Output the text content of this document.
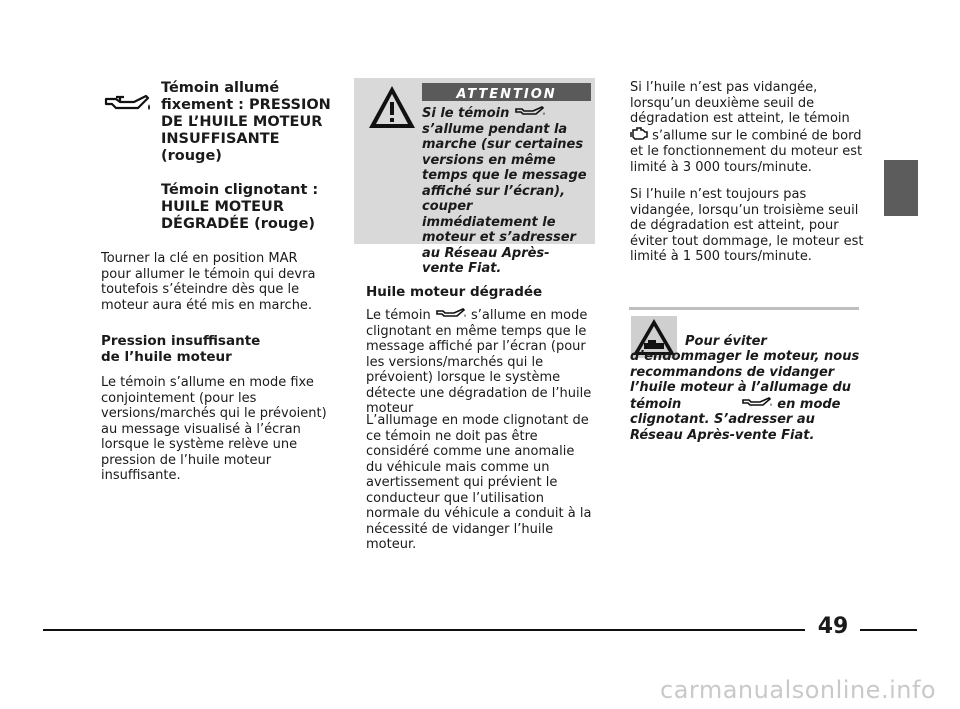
Témoin allumé fixement : PRESSION DE L’HUILE MOTEUR INSUFFISANTE (rouge)
Témoin clignotant : HUILE MOTEUR DÉGRADÉE (rouge)

Tourner la clé en position MAR pour allumer le témoin qui devra toutefois s’éteindre dès que le moteur aura été mis en marche.

Pression insuffisante de l’huile moteur

Le témoin s’allume en mode fixe conjointement (pour les versions/marchés qui le prévoient) au message visualisé à l’écran lorsque le système relève une pression de l’huile moteur insuffisante.

ATTENTION
Si le témoin  s’allume pendant la marche (sur certaines versions en même temps que le message affiché sur l’écran), couper immédiatement le moteur et s’adresser au Réseau Après-vente Fiat.
Huile moteur dégradée

Le témoin	s’allume en mode clignotant en même temps que le message affiché par l’écran (pour les versions/marchés qui le prévoient) lorsque le système détecte une dégradation de l’huile moteur

L’allumage en mode clignotant de ce témoin ne doit pas être considéré comme une anomalie du véhicule mais comme un avertissement qui prévient le conducteur que l’utilisation normale du véhicule a conduit à la nécessité de vidanger l’huile moteur.

Si l’huile n’est pas vidangée, lorsqu’un deuxième seuil de dégradation est atteint, le témoin  s’allume sur le combiné de bord et le fonctionnement du moteur est limité à 3 000 tours/minute.

Si l’huile n’est toujours pas vidangée, lorsqu’un troisième seuil de dégradation est atteint, pour éviter tout dommage, le moteur est limité à 1 500 tours/minute.

Pour éviter d’endommager le moteur, nous recommandons de vidanger l’huile moteur à l’allumage du témoin	en mode clignotant. S’adresser au Réseau Après-vente Fiat.
49
carmanualsonline.info
